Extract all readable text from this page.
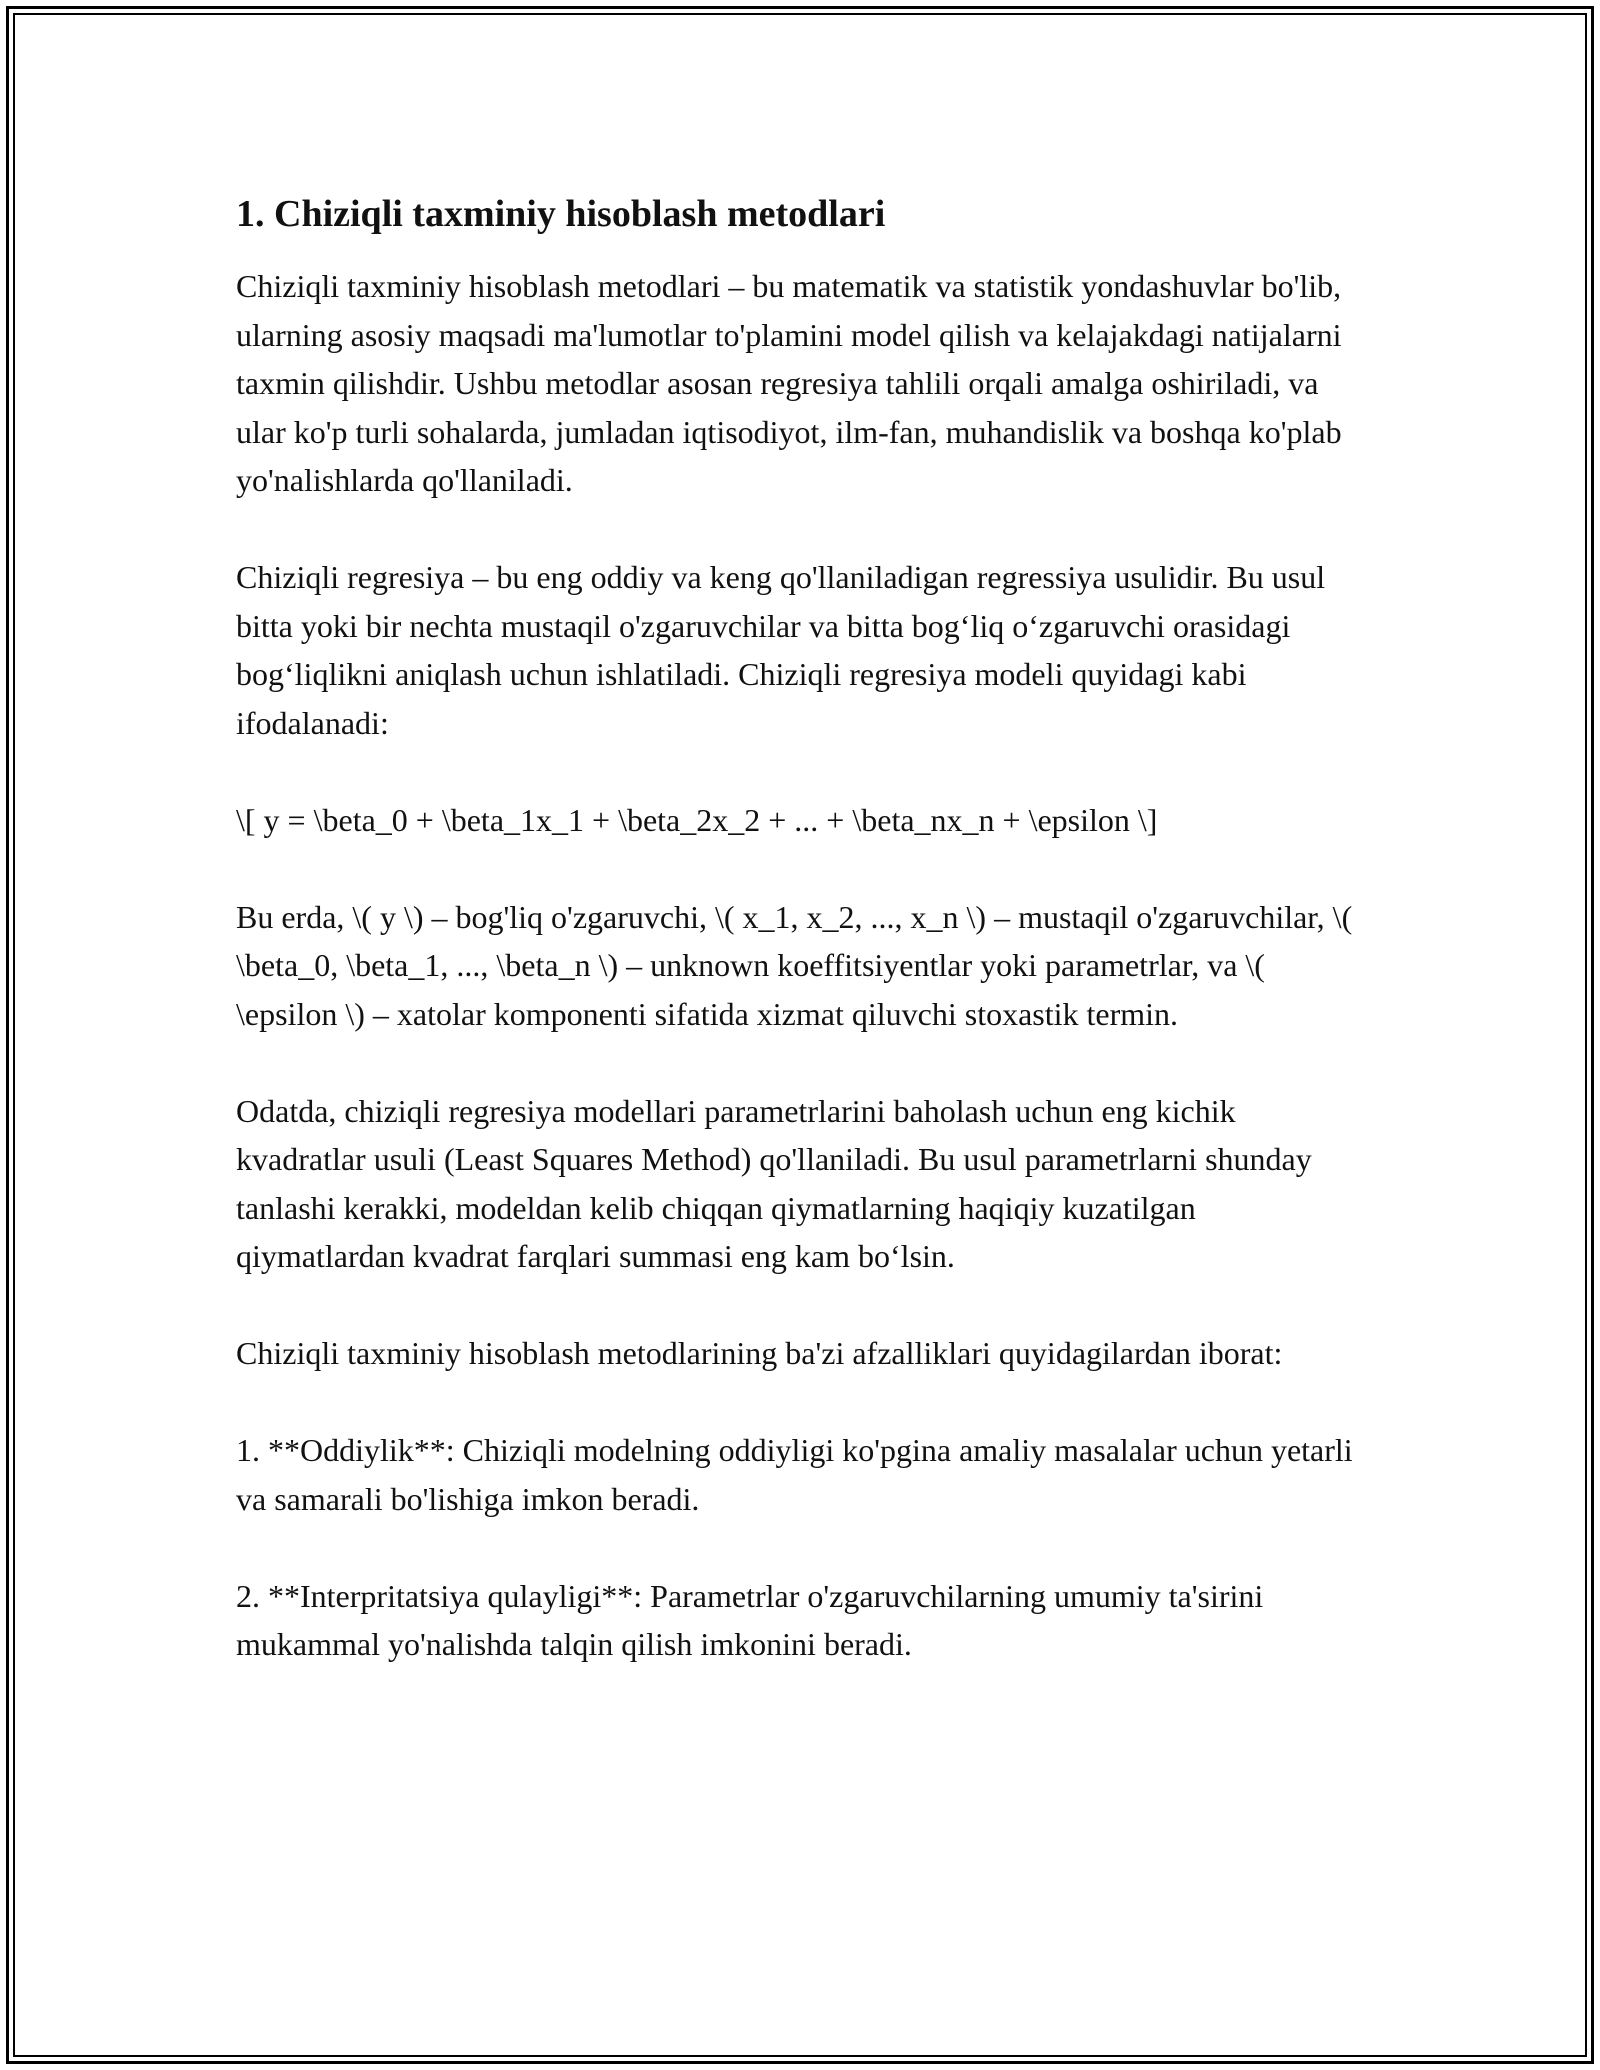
1. Chiziqli taxminiy hisoblash metodlari

Chiziqli taxminiy hisoblash metodlari – bu matematik va statistik yondashuvlar bo'lib, ularning asosiy maqsadi ma'lumotlar to'plamini model qilish va kelajakdagi natijalarni taxmin qilishdir. Ushbu metodlar asosan regresiya tahlili orqali amalga oshiriladi, va ular ko'p turli sohalarda, jumladan iqtisodiyot, ilm-fan, muhandislik va boshqa ko'plab yo'nalishlarda qo'llaniladi.

Chiziqli regresiya – bu eng oddiy va keng qo'llaniladigan regressiya usulidir. Bu usul bitta yoki bir nechta mustaqil o'zgaruvchilar va bitta bog‘liq o‘zgaruvchi orasidagi bog‘liqlikni aniqlash uchun ishlatiladi. Chiziqli regresiya modeli quyidagi kabi ifodalanadi:

\[ y = \beta_0 + \beta_1x_1 + \beta_2x_2 + ... + \beta_nx_n + \epsilon \]

Bu erda, \( y \) – bog'liq o'zgaruvchi, \( x_1, x_2, ..., x_n \) – mustaqil o'zgaruvchilar, \( \beta_0, \beta_1, ..., \beta_n \) – unknown koeffitsiyentlar yoki parametrlar, va \( \epsilon \) – xatolar komponenti sifatida xizmat qiluvchi stoxastik termin.

Odatda, chiziqli regresiya modellari parametrlarini baholash uchun eng kichik kvadratlar usuli (Least Squares Method) qo'llaniladi. Bu usul parametrlarni shunday tanlashi kerakki, modeldan kelib chiqqan qiymatlarning haqiqiy kuzatilgan qiymatlardan kvadrat farqlari summasi eng kam bo‘lsin.

Chiziqli taxminiy hisoblash metodlarining ba'zi afzalliklari quyidagilardan iborat:

1. **Oddiylik**: Chiziqli modelning oddiyligi ko'pgina amaliy masalalar uchun yetarli va samarali bo'lishiga imkon beradi.

2. **Interpritatsiya qulayligi**: Parametrlar o'zgaruvchilarning umumiy ta'sirini mukammal yo'nalishda talqin qilish imkonini beradi.
